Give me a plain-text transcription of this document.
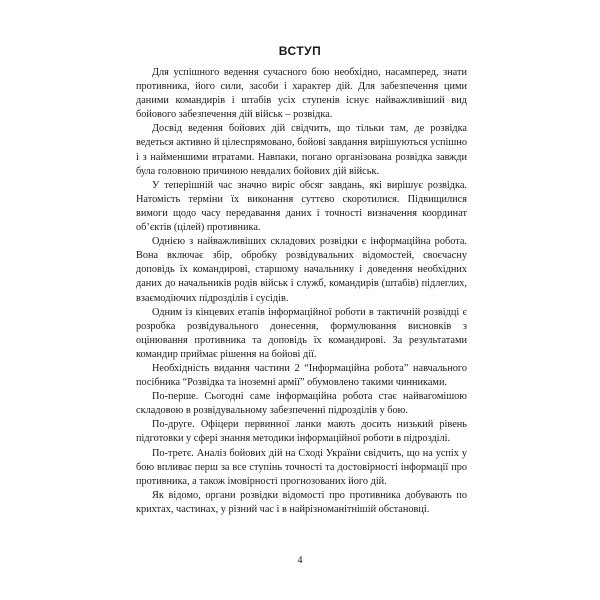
ВСТУП

Для успішного ведення сучасного бою необхідно, насамперед, знати противника, його сили, засоби і характер дій. Для забезпечення цими даними командирів і штабів усіх ступенів існує найважливіший вид бойового забезпечення дій військ – розвідка.

Досвід ведення бойових дій свідчить, що тільки там, де розвідка ведеться активно й цілеспрямовано, бойові завдання вирішуються успішно і з найменшими втратами. Навпаки, погано організована розвідка завжди була головною причиною невдалих бойових дій військ.

У теперішній час значно виріс обсяг завдань, які вирішує розвідка. Натомість терміни їх виконання суттєво скоротилися. Підвищилися вимоги щодо часу передавання даних і точності визначення координат об’єктів (цілей) противника.

Однією з найважливіших складових розвідки є інформаційна робота. Вона включає збір, обробку розвідувальних відомостей, своєчасну доповідь їх командирові, старшому начальнику і доведення необхідних даних до начальників родів військ і служб, командирів (штабів) підлеглих, взаємодіючих підрозділів і сусідів.

Одним із кінцевих етапів інформаційної роботи в тактичній розвідці є розробка розвідувального донесення, формулювання висновків з оцінювання противника та доповідь їх командирові. За результатами командир приймає рішення на бойові дії.

Необхідність видання частини 2 “Інформаційна робота” навчального посібника “Розвідка та іноземні армії” обумовлено такими чинниками.

По-перше. Сьогодні саме інформаційна робота стає найвагомішою складовою в розвідувальному забезпеченні підрозділів у бою.

По-друге. Офіцери первинної ланки мають досить низький рівень підготовки у сфері знання методики інформаційної роботи в підрозділі.

По-третє. Аналіз бойових дій на Сході України свідчить, що на успіх у бою впливає перш за все ступінь точності та достовірності інформації про противника, а також імовірності прогнозованих його дій.

Як відомо, органи розвідки відомості про противника добувають по крихтах, частинах, у різний час і в найрізноманітнішій обстановці.

4
